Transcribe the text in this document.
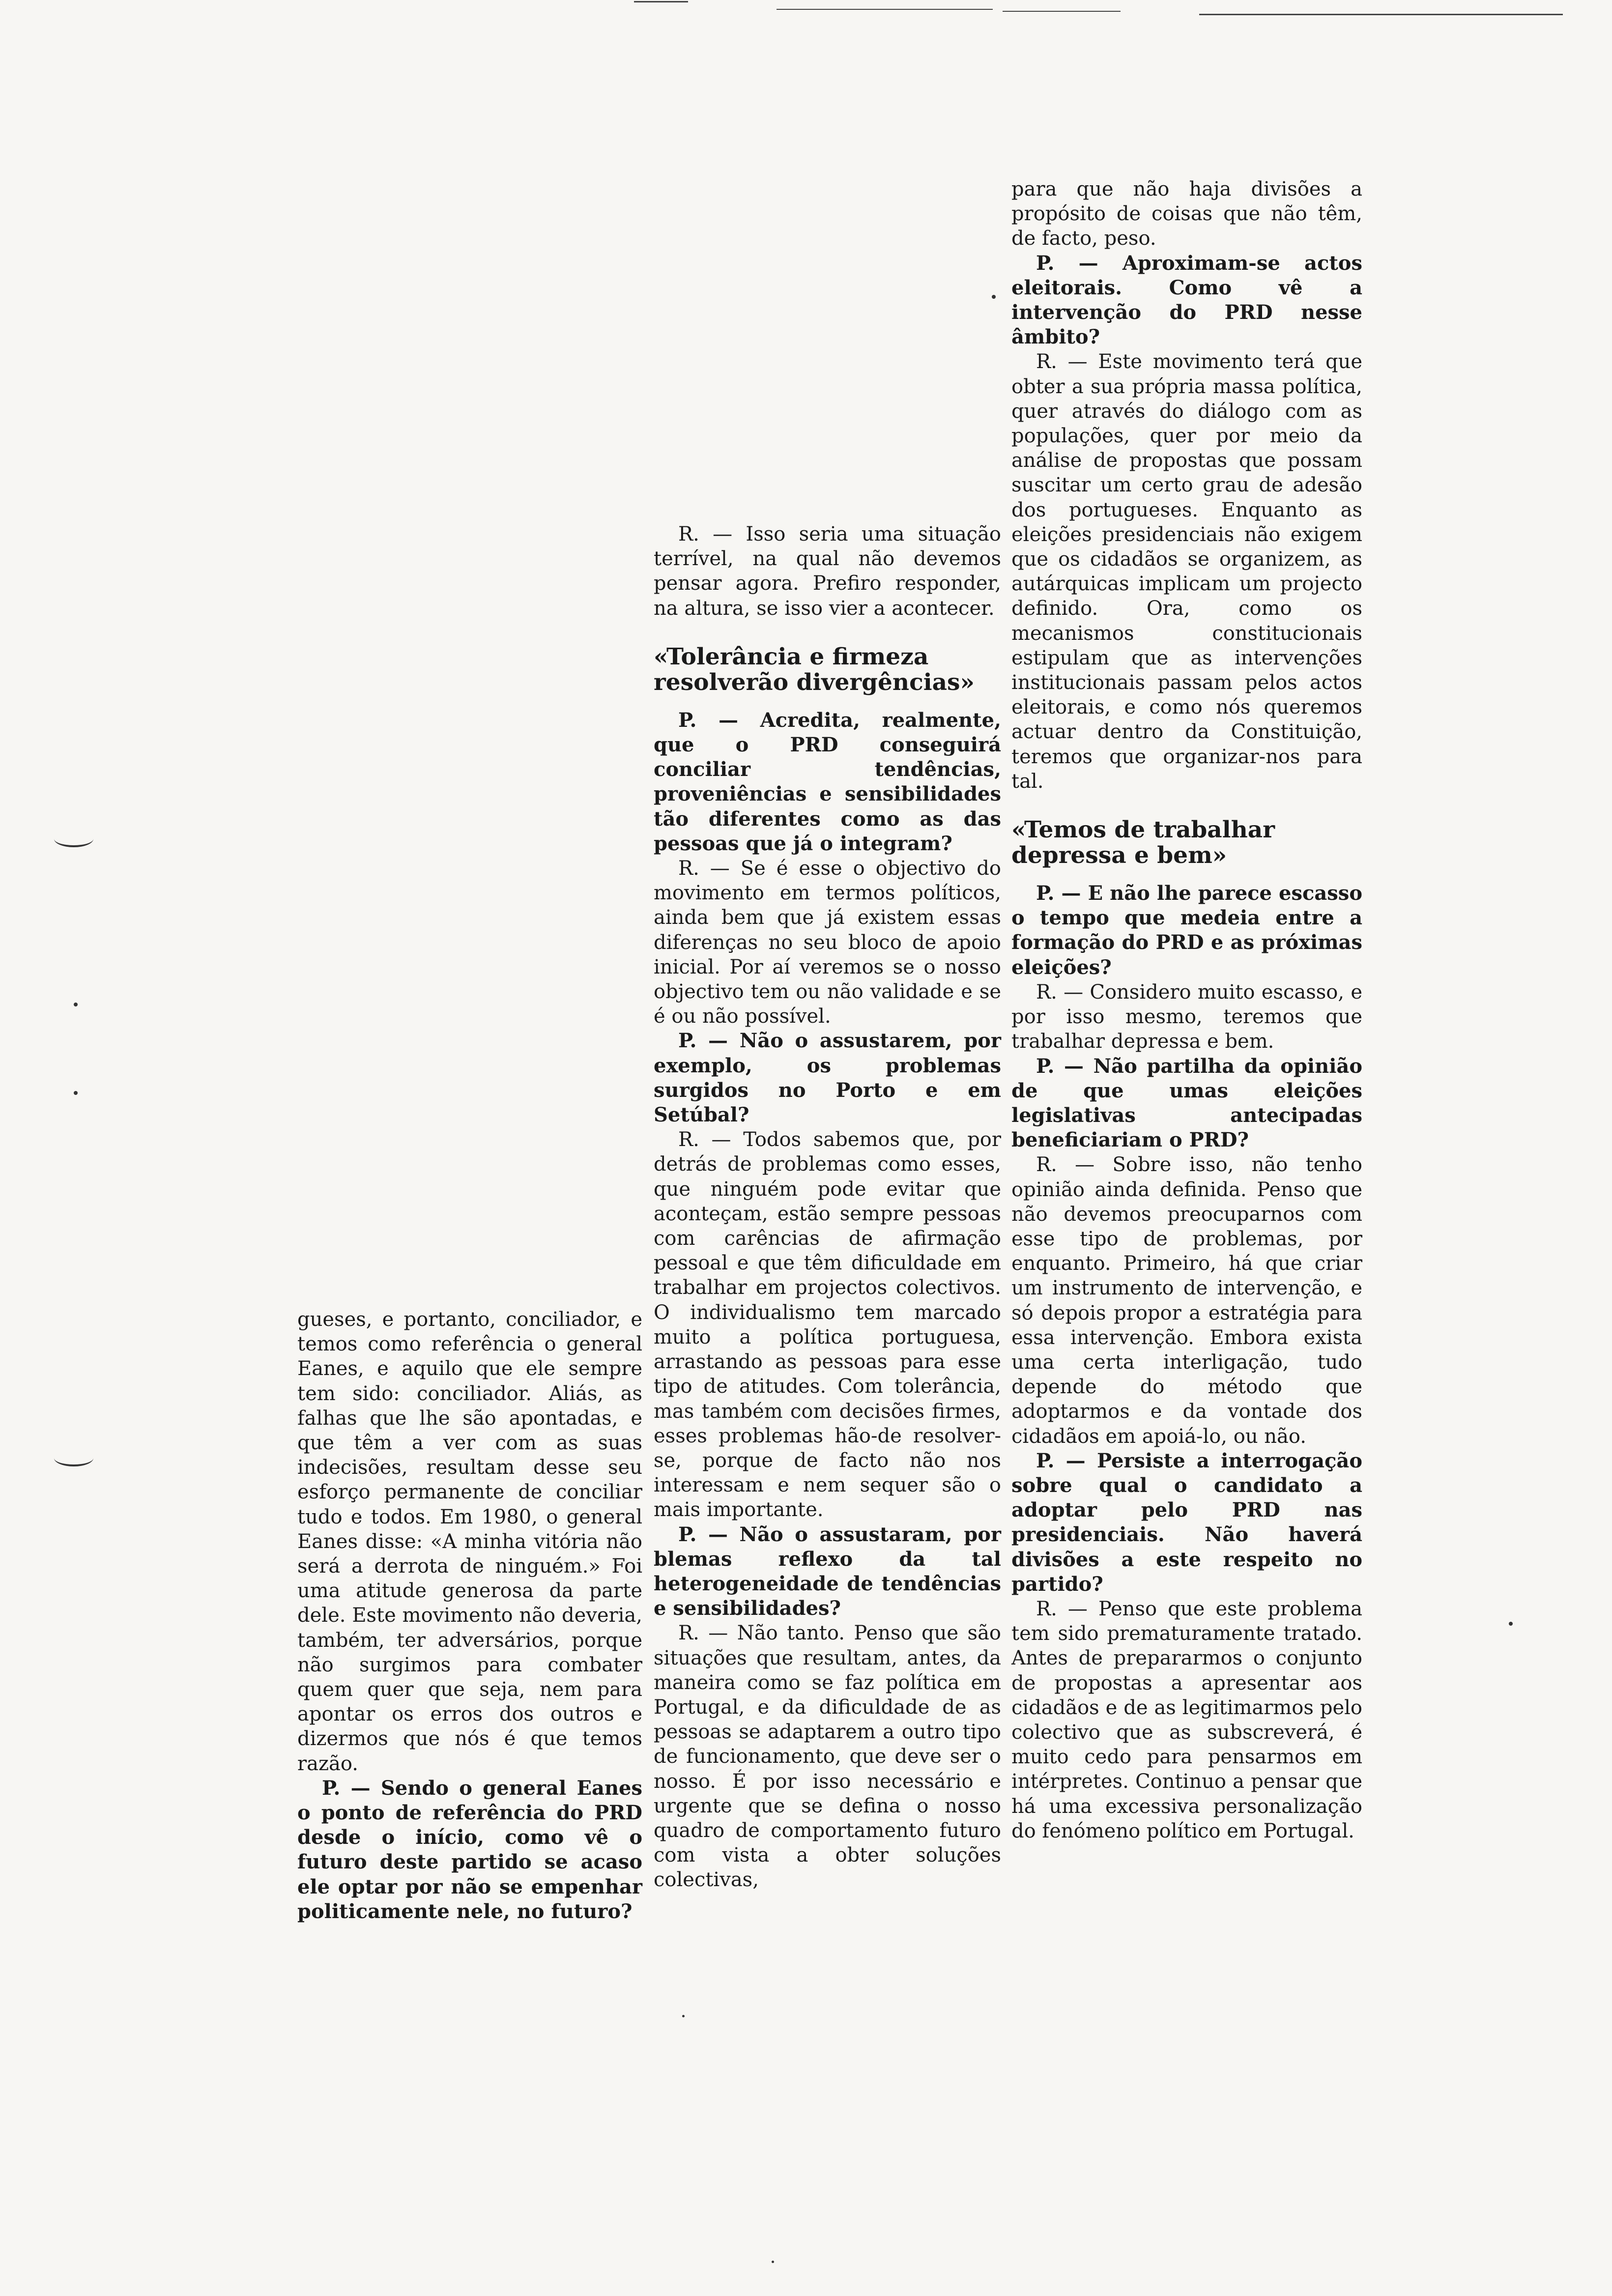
gueses, e portanto, conciliador, e temos como referência o general Eanes, e aquilo que ele sempre tem sido: conciliador. Aliás, as falhas que lhe são apontadas, e que têm a ver com as suas indecisões, resultam desse seu esforço permanente de conciliar tudo e todos. Em 1980, o general Eanes disse: «A minha vitória não será a derrota de ninguém.» Foi uma atitude generosa da parte dele. Este movimento não deveria, também, ter adversários, porque não surgimos para combater quem quer que seja, nem para apontar os erros dos outros e dizermos que nós é que temos razão.

P. — Sendo o general Eanes o ponto de referência do PRD desde o início, como vê o futuro deste partido se acaso ele optar por não se empenhar politicamente nele, no futuro?

R. — Isso seria uma situação terrível, na qual não devemos pensar agora. Prefiro responder, na altura, se isso vier a acontecer.

«Tolerância e firmeza resolverão divergências»

P. — Acredita, realmente, que o PRD conseguirá conciliar tendências, proveniências e sensibilidades tão diferentes como as das pessoas que já o integram?

R. — Se é esse o objectivo do movimento em termos políticos, ainda bem que já existem essas diferenças no seu bloco de apoio inicial. Por aí veremos se o nosso objectivo tem ou não validade e se é ou não possível.

P. — Não o assustarem, por exemplo, os problemas surgidos no Porto e em Setúbal?

R. — Todos sabemos que, por detrás de problemas como esses, que ninguém pode evitar que aconteçam, estão sempre pessoas com carências de afirmação pessoal e que têm dificuldade em trabalhar em projectos colectivos. O individualismo tem marcado muito a política portuguesa, arrastando as pessoas para esse tipo de atitudes. Com tolerância, mas também com decisões firmes, esses problemas hão-de resolver-se, porque de facto não nos interessam e nem sequer são o mais importante.

P. — Não o assustaram, por blemas reflexo da tal heterogeneidade de tendências e sensibilidades?

R. — Não tanto. Penso que são situações que resultam, antes, da maneira como se faz política em Portugal, e da dificuldade de as pessoas se adaptarem a outro tipo de funcionamento, que deve ser o nosso. É por isso necessário e urgente que se defina o nosso quadro de comportamento futuro com vista a obter soluções colectivas,

para que não haja divisões a propósito de coisas que não têm, de facto, peso.

P. — Aproximam-se actos eleitorais. Como vê a intervenção do PRD nesse âmbito?

R. — Este movimento terá que obter a sua própria massa política, quer através do diálogo com as populações, quer por meio da análise de propostas que possam suscitar um certo grau de adesão dos portugueses. Enquanto as eleições presidenciais não exigem que os cidadãos se organizem, as autárquicas implicam um projecto definido. Ora, como os mecanismos constitucionais estipulam que as intervenções institucionais passam pelos actos eleitorais, e como nós queremos actuar dentro da Constituição, teremos que organizar-nos para tal.

«Temos de trabalhar depressa e bem»

P. — E não lhe parece escasso o tempo que medeia entre a formação do PRD e as próximas eleições?

R. — Considero muito escasso, e por isso mesmo, teremos que trabalhar depressa e bem.

P. — Não partilha da opinião de que umas eleições legislativas antecipadas beneficiariam o PRD?

R. — Sobre isso, não tenho opinião ainda definida. Penso que não devemos preocuparnos com esse tipo de problemas, por enquanto. Primeiro, há que criar um instrumento de intervenção, e só depois propor a estratégia para essa intervenção. Embora exista uma certa interligação, tudo depende do método que adoptarmos e da vontade dos cidadãos em apoiá-lo, ou não.

P. — Persiste a interrogação sobre qual o candidato a adoptar pelo PRD nas presidenciais. Não haverá divisões a este respeito no partido?

R. — Penso que este problema tem sido prematuramente tratado. Antes de prepararmos o conjunto de propostas a apresentar aos cidadãos e de as legitimarmos pelo colectivo que as subscreverá, é muito cedo para pensarmos em intérpretes. Continuo a pensar que há uma excessiva personalização do fenómeno político em Portugal.
